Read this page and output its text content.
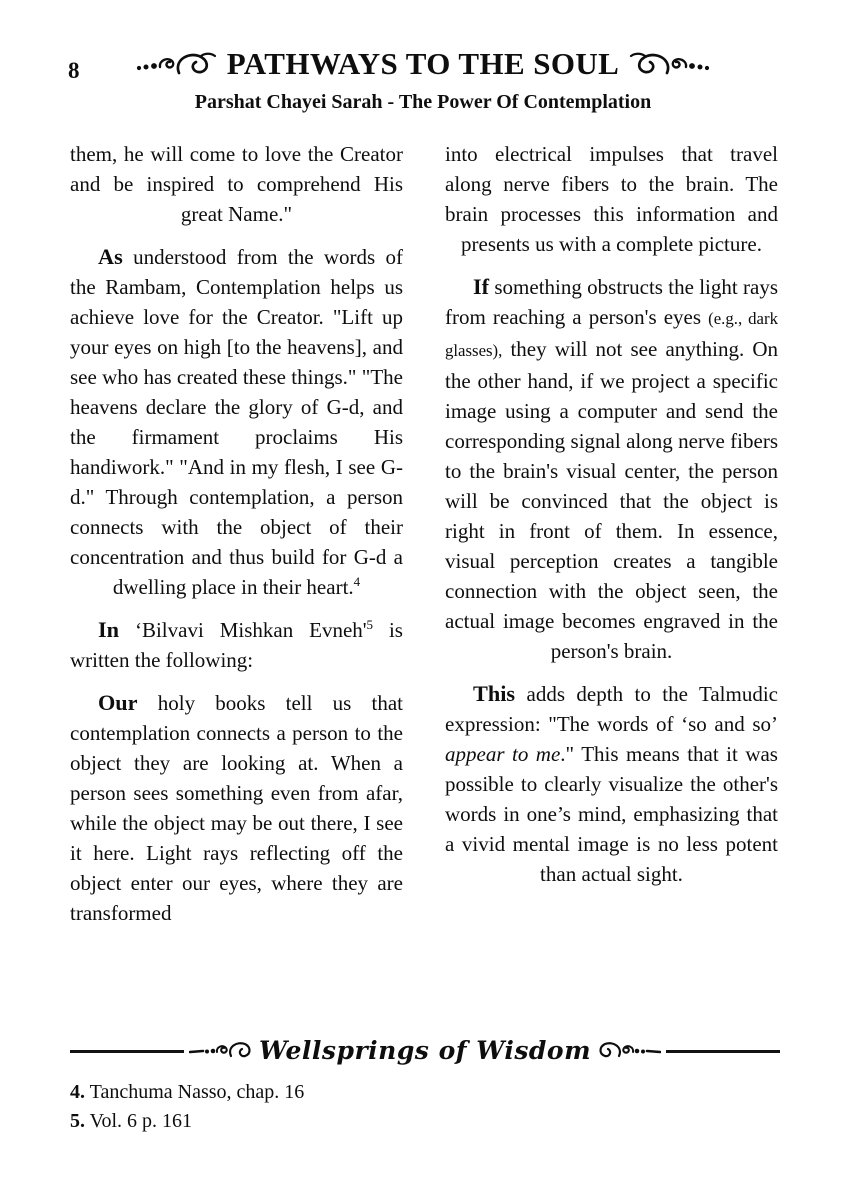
8	PATHWAYS TO THE SOUL
Parshat Chayei Sarah - The Power Of Contemplation

them, he will come to love the Creator and be inspired to comprehend His great Name."

As understood from the words of the Rambam, Contemplation helps us achieve love for the Creator. "Lift up your eyes on high [to the heavens], and see who has created these things." "The heavens declare the glory of G-d, and the firmament proclaims His handiwork." "And in my flesh, I see G-d." Through contemplation, a person connects with the object of their concentration and thus build for G-d a dwelling place in their heart.$^4$

In ‘Bilvavi Mishkan Evneh'$^5$ is written the following:

Our holy books tell us that contemplation connects a person to the object they are looking at. When a person sees something even from afar, while the object may be out there, I see it here. Light rays reflecting off the object enter our eyes, where they are transformed

into electrical impulses that travel along nerve fibers to the brain. The brain processes this information and presents us with a complete picture.

If something obstructs the light rays from reaching a person's eyes (e.g., dark glasses), they will not see anything. On the other hand, if we project a specific image using a computer and send the corresponding signal along nerve fibers to the brain's visual center, the person will be convinced that the object is right in front of them. In essence, visual perception creates a tangible connection with the object seen, the actual image becomes engraved in the person's brain.

This adds depth to the Talmudic expression: "The words of ‘so and so’ appear to me." This means that it was possible to clearly visualize the other's words in one’s mind, emphasizing that a vivid mental image is no less potent than actual sight.

Wellsprings of Wisdom
4. Tanchuma Nasso, chap. 16
5. Vol. 6 p. 161
